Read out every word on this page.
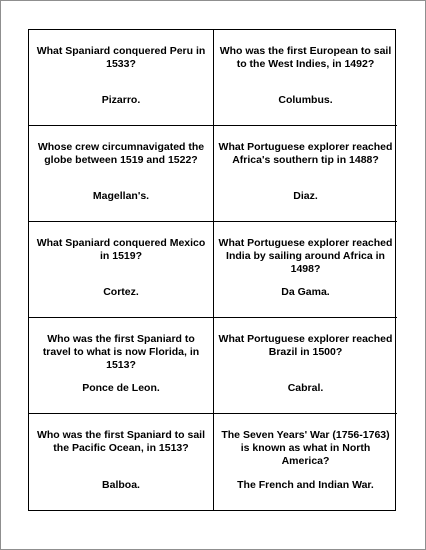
What Spaniard conquered Peru in 1533?
Pizarro.
Who was the first European to sail to the West Indies, in 1492?
Columbus.
Whose crew circumnavigated the globe between 1519 and 1522?
Magellan's.
What Portuguese explorer reached Africa's southern tip in 1488?
Diaz.
What Spaniard conquered Mexico in 1519?
Cortez.
What Portuguese explorer reached India by sailing around Africa in 1498?
Da Gama.
Who was the first Spaniard to travel to what is now Florida, in 1513?
Ponce de Leon.
What Portuguese explorer reached Brazil in 1500?
Cabral.
Who was the first Spaniard to sail the Pacific Ocean, in 1513?
Balboa.
The Seven Years' War (1756-1763) is known as what in North America?
The French and Indian War.
